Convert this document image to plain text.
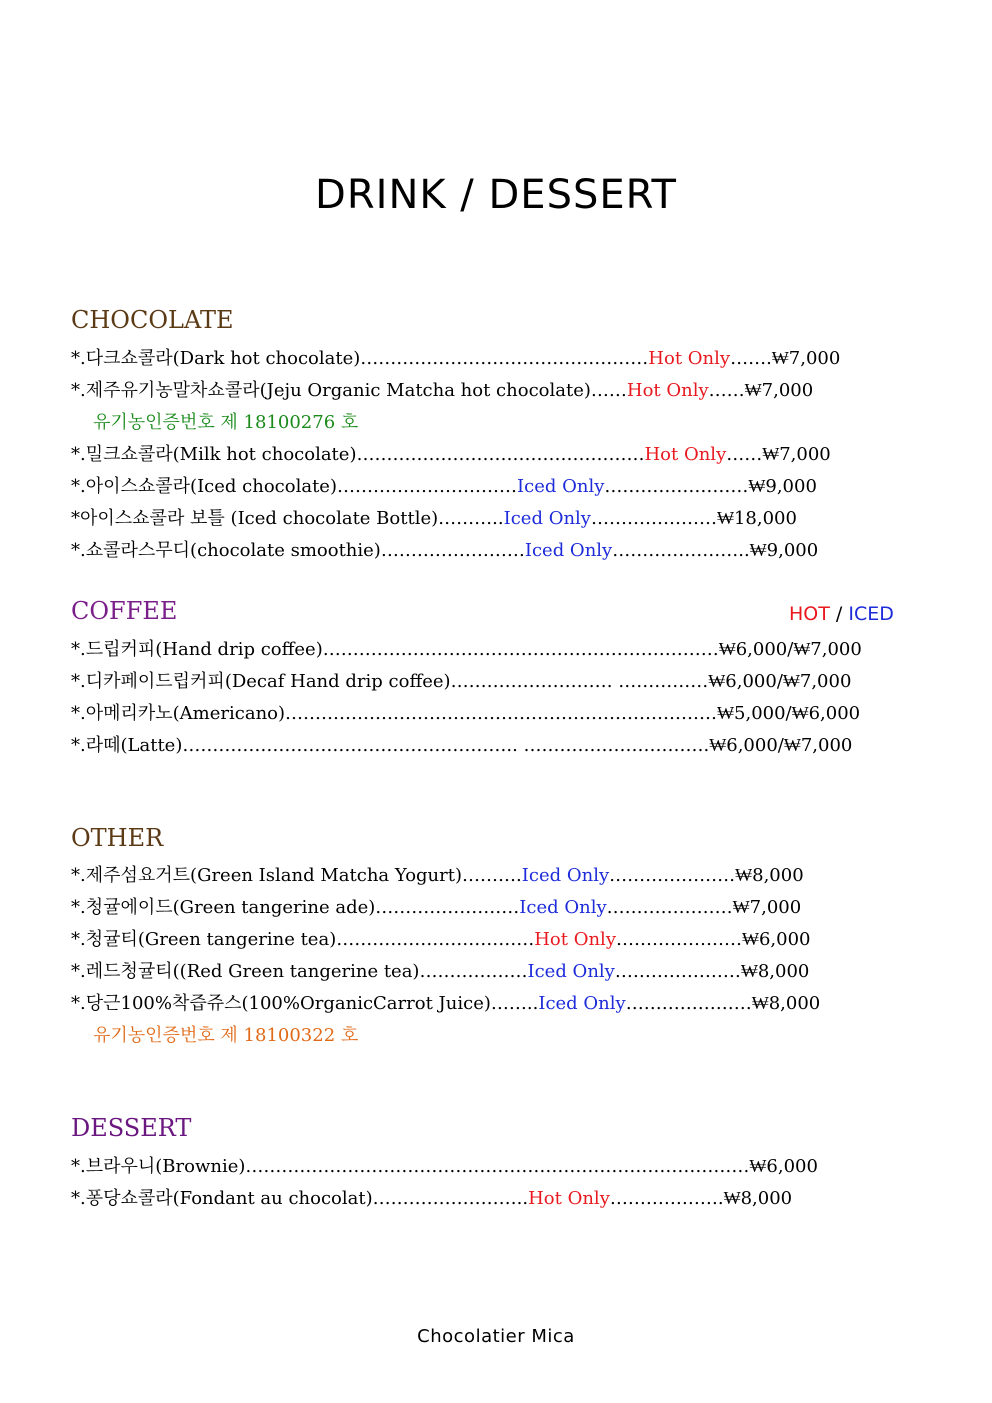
DRINK / DESSERT
CHOCOLATE
*.다크쇼콜라(Dark hot chocolate)…………………………………………Hot Only…….₩7,000
*.제주유기농말차쇼콜라(Jeju Organic Matcha hot chocolate)……Hot Only……₩7,000
유기농인증번호 제 18100276 호
*.밀크쇼콜라(Milk hot chocolate)…………………………………………Hot Only……₩7,000
*.아이스쇼콜라(Iced chocolate)…………………………Iced Only……………………₩9,000
*아이스쇼콜라 보틀 (Iced chocolate Bottle)………..Iced Only…………………₩18,000
*.쇼콜라스무디(chocolate smoothie)……………………Iced Only…………………..₩9,000
COFFEE	HOT / ICED
*.드립커피(Hand drip coffee)…………………………………………………………₩6,000/₩7,000
*.디카페이드립커피(Decaf Hand drip coffee)……………………… ……………₩6,000/₩7,000
*.아메리카노(Americano)………………………………………………………………₩5,000/₩6,000
*.라떼(Latte)……………………………………………….. ………………………….₩6,000/₩7,000
OTHER
*.제주섬요거트(Green Island Matcha Yogurt)……….Iced Only…………………₩8,000
*.청귤에이드(Green tangerine ade)……………………Iced Only…………………₩7,000
*.청귤티(Green tangerine tea)……………………………Hot Only…………………₩6,000
*.레드청귤티((Red Green tangerine tea)………………Iced Only…………………₩8,000
*.당근100%착즙쥬스(100%OrganicCarrot Juice)……..Iced Only…………………₩8,000
유기농인증번호 제 18100322 호
DESSERT
*.브라우니(Brownie)…………………………………………………………………………₩6,000
*.퐁당쇼콜라(Fondant au chocolat)……………………..Hot Only……………….₩8,000
Chocolatier Mica
